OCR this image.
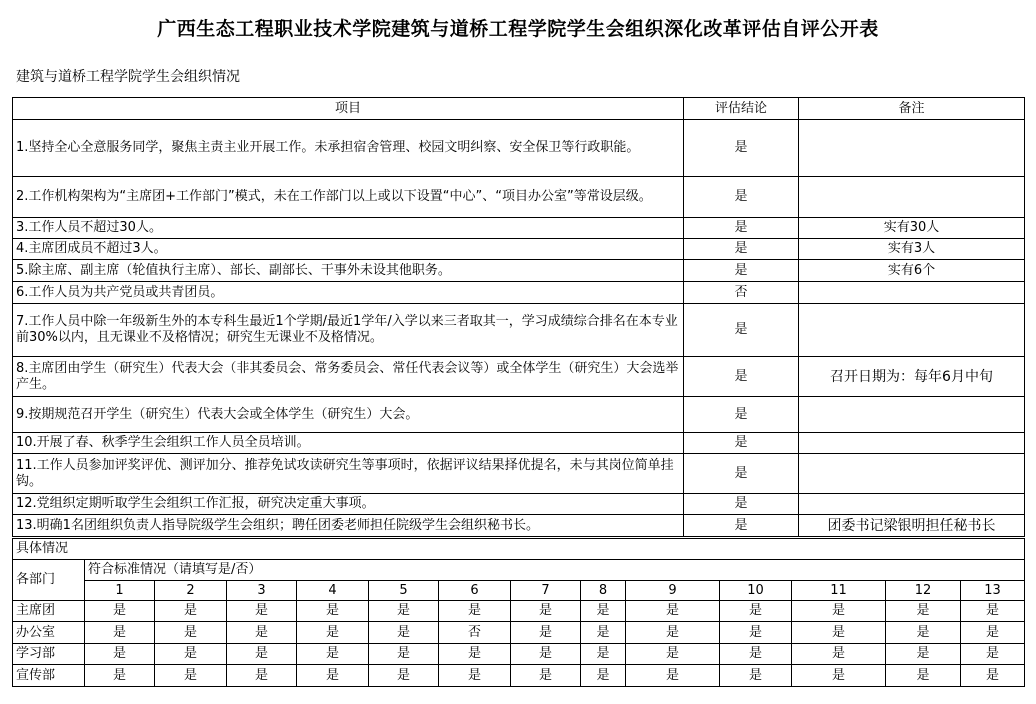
广西生态工程职业技术学院建筑与道桥工程学院学生会组织深化改革评估自评公开表
建筑与道桥工程学院学生会组织情况
项目	评估结论	备注
1.坚持全心全意服务同学，聚焦主责主业开展工作。未承担宿舍管理、校园文明纠察、安全保卫等行政职能。	是	
2.工作机构架构为“主席团+工作部门”模式，未在工作部门以上或以下设置“中心”、“项目办公室”等常设层级。	是	
3.工作人员不超过30人。	是	实有30人
4.主席团成员不超过3人。	是	实有3人
5.除主席、副主席（轮值执行主席）、部长、副部长、干事外未设其他职务。	是	实有6个
6.工作人员为共产党员或共青团员。	否	
7.工作人员中除一年级新生外的本专科生最近1个学期/最近1学年/入学以来三者取其一，学习成绩综合排名在本专业前30%以内，且无课业不及格情况；研究生无课业不及格情况。	是	
8.主席团由学生（研究生）代表大会（非其委员会、常务委员会、常任代表会议等）或全体学生（研究生）大会选举产生。	是	召开日期为：每年6月中旬
9.按期规范召开学生（研究生）代表大会或全体学生（研究生）大会。	是	
10.开展了春、秋季学生会组织工作人员全员培训。	是	
11.工作人员参加评奖评优、测评加分、推荐免试攻读研究生等事项时，依据评议结果择优提名，未与其岗位简单挂钩。	是	
12.党组织定期听取学生会组织工作汇报，研究决定重大事项。	是	
13.明确1名团组织负责人指导院级学生会组织；聘任团委老师担任院级学生会组织秘书长。	是	团委书记梁银明担任秘书长
具体情况													
各部门	符合标准情况（请填写是/否）												
	1	2	3	4	5	6	7	8	9	10	11	12	13
主席团	是	是	是	是	是	是	是	是	是	是	是	是	是
办公室	是	是	是	是	是	否	是	是	是	是	是	是	是
学习部	是	是	是	是	是	是	是	是	是	是	是	是	是
宣传部	是	是	是	是	是	是	是	是	是	是	是	是	是
